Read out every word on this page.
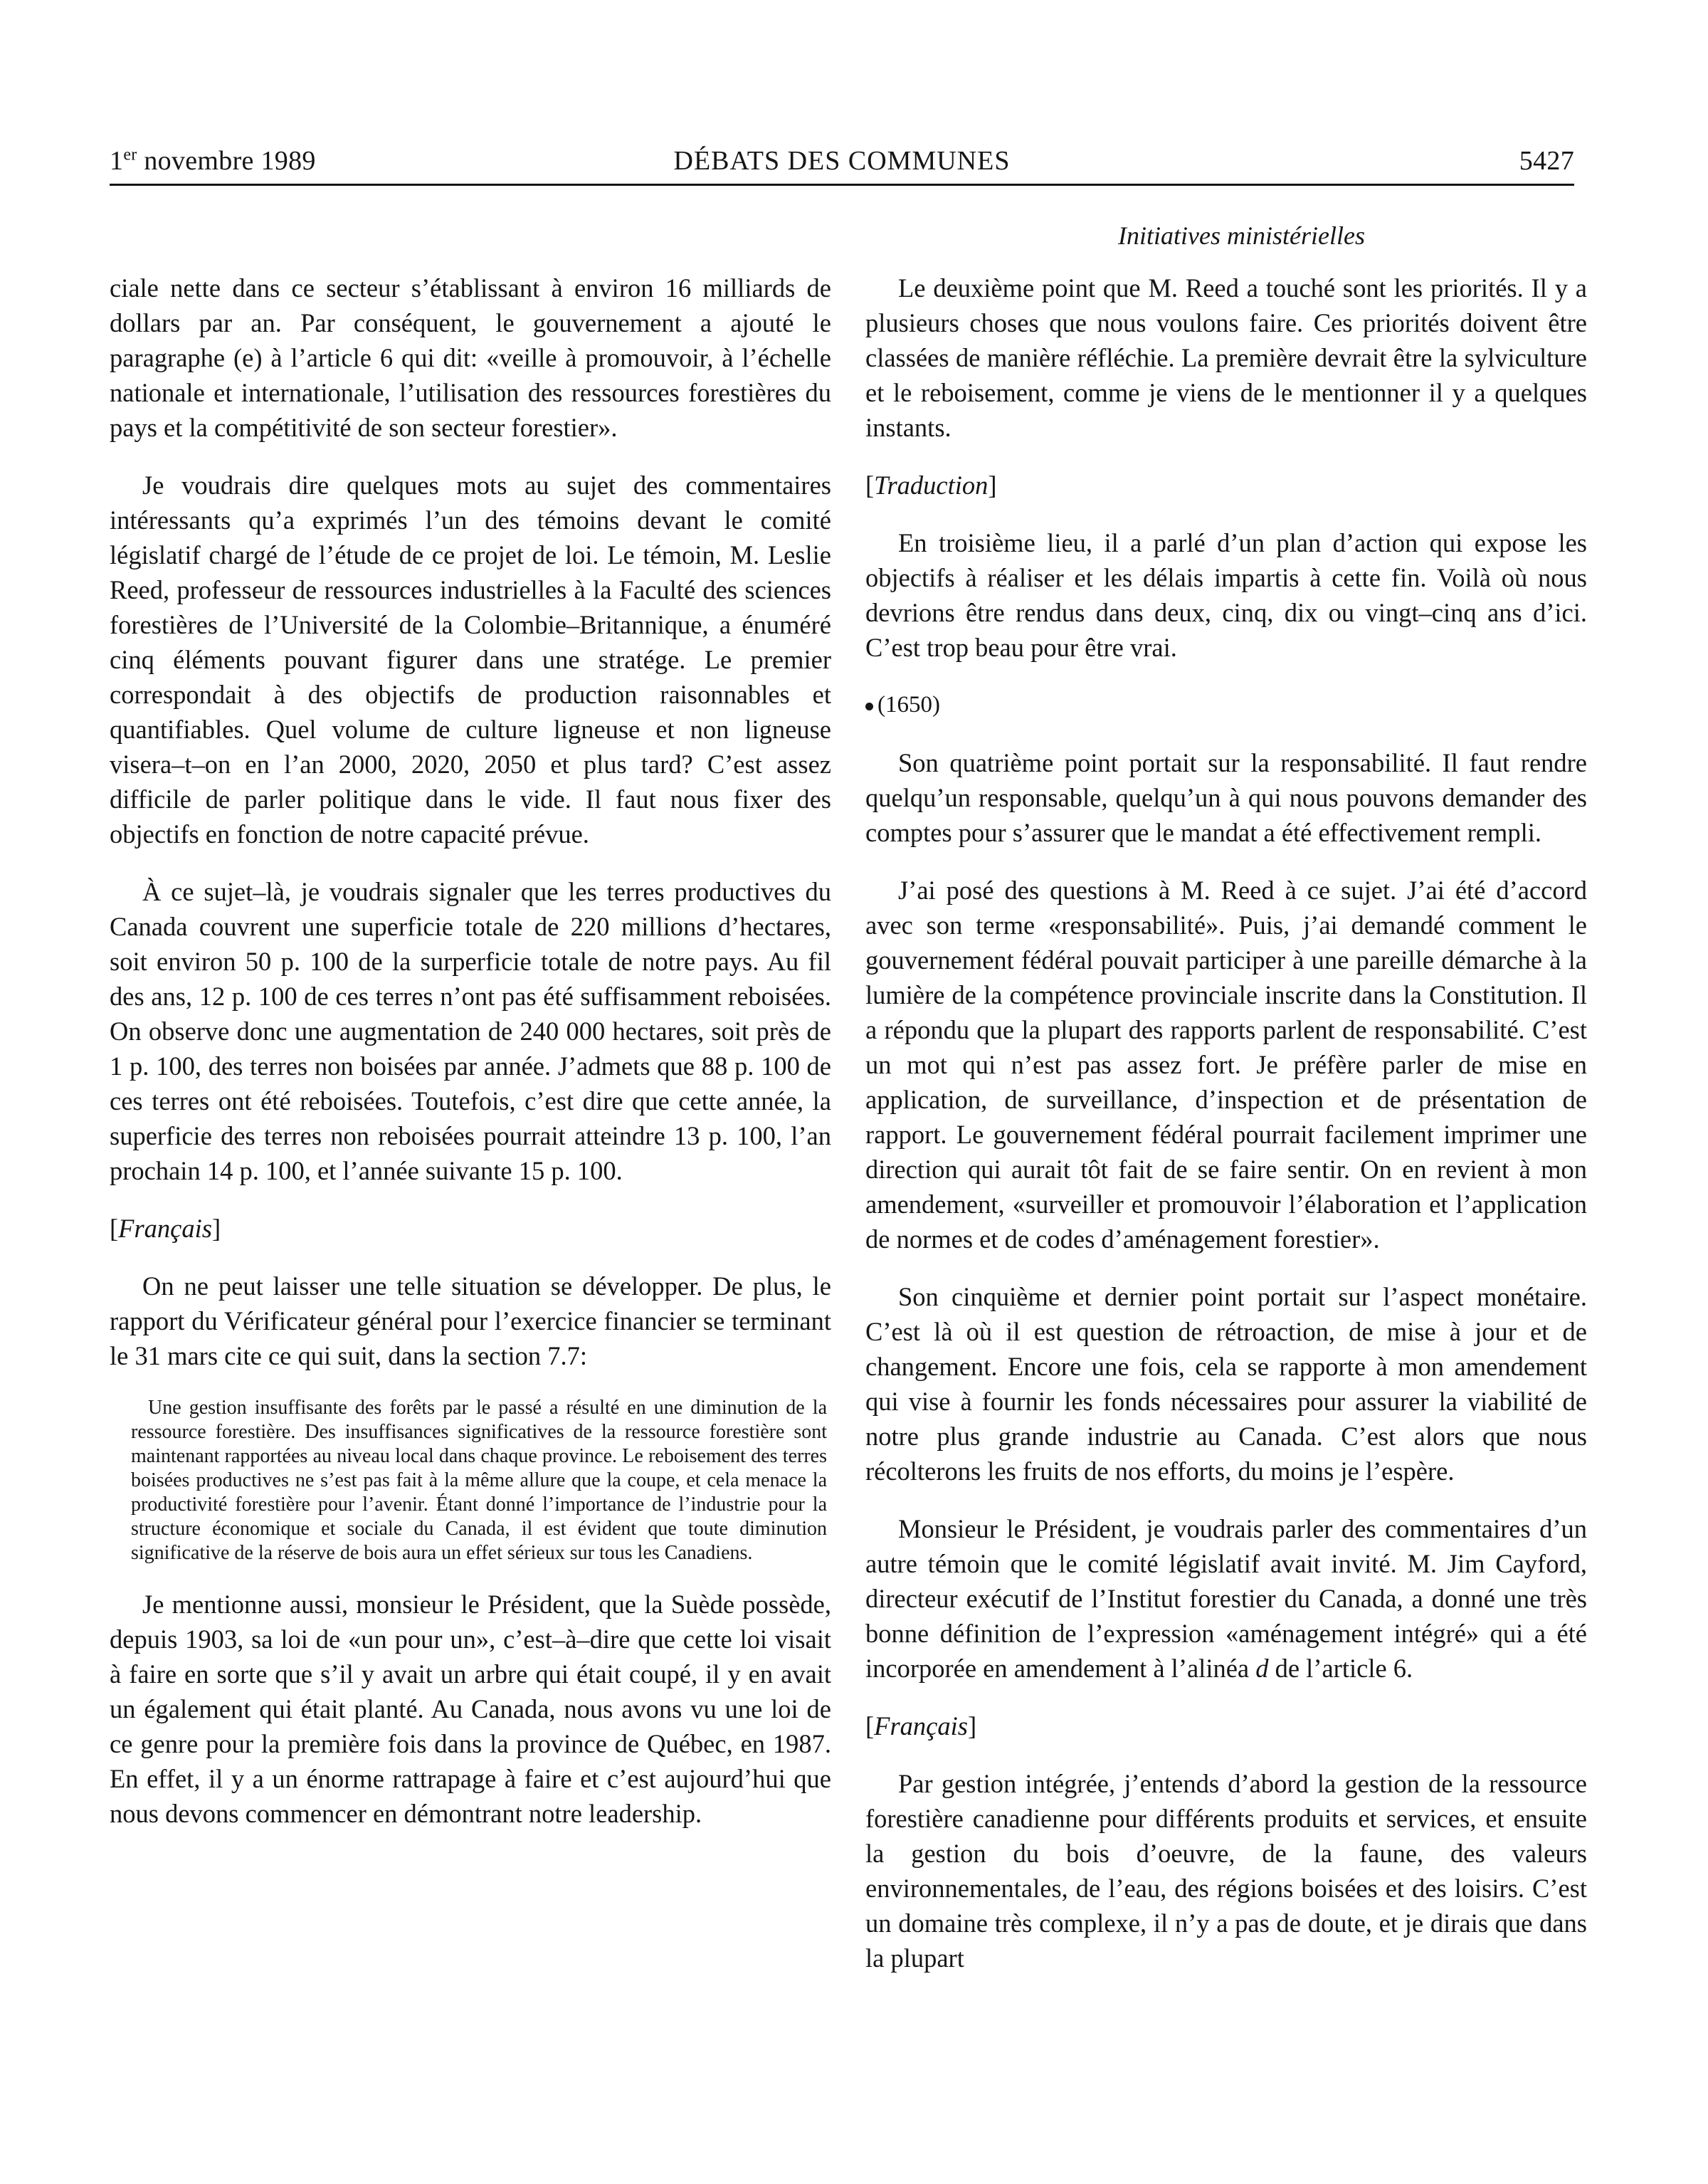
1er novembre 1989	DÉBATS DES COMMUNES	5427
Initiatives ministérielles

ciale nette dans ce secteur s’établissant à environ 16 milliards de dollars par an. Par conséquent, le gouvernement a ajouté le paragraphe (e) à l’article 6 qui dit: «veille à promouvoir, à l’échelle nationale et internationale, l’utilisation des ressources forestières du pays et la compétitivité de son secteur forestier».

Je voudrais dire quelques mots au sujet des commentaires intéressants qu’a exprimés l’un des témoins devant le comité législatif chargé de l’étude de ce projet de loi. Le témoin, M. Leslie Reed, professeur de ressources industrielles à la Faculté des sciences forestières de l’Université de la Colombie–Britannique, a énuméré cinq éléments pouvant figurer dans une stratége. Le premier correspondait à des objectifs de production raisonnables et quantifiables. Quel volume de culture ligneuse et non ligneuse visera–t–on en l’an 2000, 2020, 2050 et plus tard? C’est assez difficile de parler politique dans le vide. Il faut nous fixer des objectifs en fonction de notre capacité prévue.

À ce sujet–là, je voudrais signaler que les terres productives du Canada couvrent une superficie totale de 220 millions d’hectares, soit environ 50 p. 100 de la surperficie totale de notre pays. Au fil des ans, 12 p. 100 de ces terres n’ont pas été suffisamment reboisées. On observe donc une augmentation de 240 000 hectares, soit près de 1 p. 100, des terres non boisées par année. J’admets que 88 p. 100 de ces terres ont été reboisées. Toutefois, c’est dire que cette année, la superficie des terres non reboisées pourrait atteindre 13 p. 100, l’an prochain 14 p. 100, et l’année suivante 15 p. 100.

[Français]

On ne peut laisser une telle situation se développer. De plus, le rapport du Vérificateur général pour l’exercice financier se terminant le 31 mars cite ce qui suit, dans la section 7.7:

Une gestion insuffisante des forêts par le passé a résulté en une diminution de la ressource forestière. Des insuffisances significatives de la ressource forestière sont maintenant rapportées au niveau local dans chaque province. Le reboisement des terres boisées productives ne s’est pas fait à la même allure que la coupe, et cela menace la productivité forestière pour l’avenir. Étant donné l’importance de l’industrie pour la structure économique et sociale du Canada, il est évident que toute diminution significative de la réserve de bois aura un effet sérieux sur tous les Canadiens.

Je mentionne aussi, monsieur le Président, que la Suède possède, depuis 1903, sa loi de «un pour un», c’est–à–dire que cette loi visait à faire en sorte que s’il y avait un arbre qui était coupé, il y en avait un également qui était planté. Au Canada, nous avons vu une loi de ce genre pour la première fois dans la province de Québec, en 1987. En effet, il y a un énorme rattrapage à faire et c’est aujourd’hui que nous devons commencer en démontrant notre leadership.

Le deuxième point que M. Reed a touché sont les priorités. Il y a plusieurs choses que nous voulons faire. Ces priorités doivent être classées de manière réfléchie. La première devrait être la sylviculture et le reboisement, comme je viens de le mentionner il y a quelques instants.

[Traduction]

En troisième lieu, il a parlé d’un plan d’action qui expose les objectifs à réaliser et les délais impartis à cette fin. Voilà où nous devrions être rendus dans deux, cinq, dix ou vingt–cinq ans d’ici. C’est trop beau pour être vrai.

(1650)

Son quatrième point portait sur la responsabilité. Il faut rendre quelqu’un responsable, quelqu’un à qui nous pouvons demander des comptes pour s’assurer que le mandat a été effectivement rempli.

J’ai posé des questions à M. Reed à ce sujet. J’ai été d’accord avec son terme «responsabilité». Puis, j’ai demandé comment le gouvernement fédéral pouvait participer à une pareille démarche à la lumière de la compétence provinciale inscrite dans la Constitution. Il a répondu que la plupart des rapports parlent de responsabilité. C’est un mot qui n’est pas assez fort. Je préfère parler de mise en application, de surveillance, d’inspection et de présentation de rapport. Le gouvernement fédéral pourrait facilement imprimer une direction qui aurait tôt fait de se faire sentir. On en revient à mon amendement, «surveiller et promouvoir l’élaboration et l’application de normes et de codes d’aménagement forestier».

Son cinquième et dernier point portait sur l’aspect monétaire. C’est là où il est question de rétroaction, de mise à jour et de changement. Encore une fois, cela se rapporte à mon amendement qui vise à fournir les fonds nécessaires pour assurer la viabilité de notre plus grande industrie au Canada. C’est alors que nous récolterons les fruits de nos efforts, du moins je l’espère.

Monsieur le Président, je voudrais parler des commentaires d’un autre témoin que le comité législatif avait invité. M. Jim Cayford, directeur exécutif de l’Institut forestier du Canada, a donné une très bonne définition de l’expression «aménagement intégré» qui a été incorporée en amendement à l’alinéa d de l’article 6.

[Français]

Par gestion intégrée, j’entends d’abord la gestion de la ressource forestière canadienne pour différents produits et services, et ensuite la gestion du bois d’oeuvre, de la faune, des valeurs environnementales, de l’eau, des régions boisées et des loisirs. C’est un domaine très complexe, il n’y a pas de doute, et je dirais que dans la plupart
